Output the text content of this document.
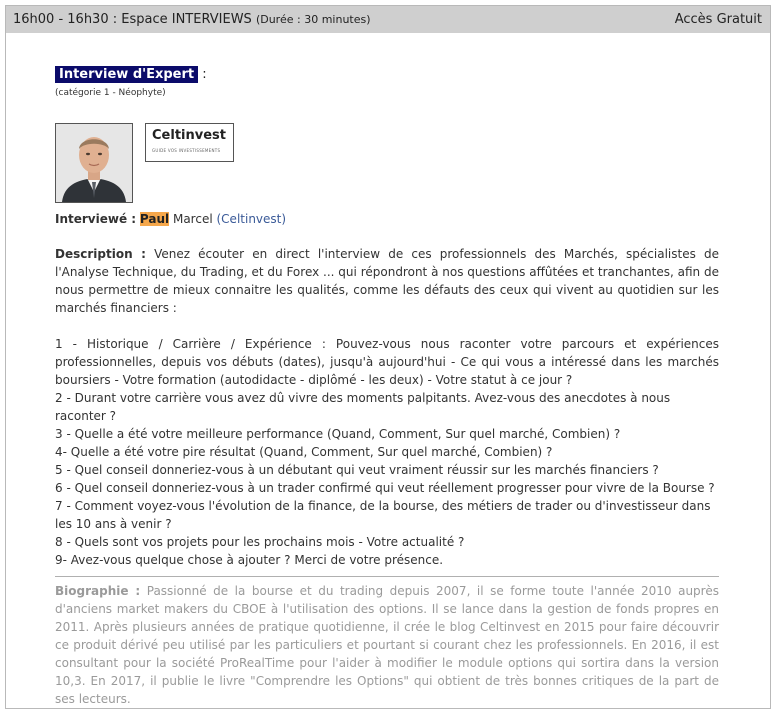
16h00 - 16h30 : Espace INTERVIEWS (Durée : 30 minutes)	Accès Gratuit
Interview d'Expert :
(catégorie 1 - Néophyte)
Celtinvest
GUIDE VOS INVESTISSEMENTS
Interviewé : Paul Marcel (Celtinvest)
Description : Venez écouter en direct l'interview de ces professionnels des Marchés, spécialistes de l'Analyse Technique, du Trading, et du Forex ... qui répondront à nos questions affûtées et tranchantes, afin de nous permettre de mieux connaitre les qualités, comme les défauts des ceux qui vivent au quotidien sur les marchés financiers :

1 - Historique / Carrière / Expérience : Pouvez-vous nous raconter votre parcours et expériences professionnelles, depuis vos débuts (dates), jusqu'à aujourd'hui - Ce qui vous a intéressé dans les marchés boursiers - Votre formation (autodidacte - diplômé - les deux) - Votre statut à ce jour ?

2 - Durant votre carrière vous avez dû vivre des moments palpitants. Avez-vous des anecdotes à nous raconter ?

3 - Quelle a été votre meilleure performance (Quand, Comment, Sur quel marché, Combien) ?

4- Quelle a été votre pire résultat (Quand, Comment, Sur quel marché, Combien) ?

5 - Quel conseil donneriez-vous à un débutant qui veut vraiment réussir sur les marchés financiers ?

6 - Quel conseil donneriez-vous à un trader confirmé qui veut réellement progresser pour vivre de la Bourse ?

7 - Comment voyez-vous l'évolution de la finance, de la bourse, des métiers de trader ou d'investisseur dans les 10 ans à venir ?

8 - Quels sont vos projets pour les prochains mois - Votre actualité ?

9- Avez-vous quelque chose à ajouter ? Merci de votre présence.

Biographie : Passionné de la bourse et du trading depuis 2007, il se forme toute l'année 2010 auprès d'anciens market makers du CBOE à l'utilisation des options. Il se lance dans la gestion de fonds propres en 2011. Après plusieurs années de pratique quotidienne, il crée le blog Celtinvest en 2015 pour faire découvrir ce produit dérivé peu utilisé par les particuliers et pourtant si courant chez les professionnels. En 2016, il est consultant pour la société ProRealTime pour l'aider à modifier le module options qui sortira dans la version 10,3. En 2017, il publie le livre "Comprendre les Options" qui obtient de très bonnes critiques de la part de ses lecteurs.
